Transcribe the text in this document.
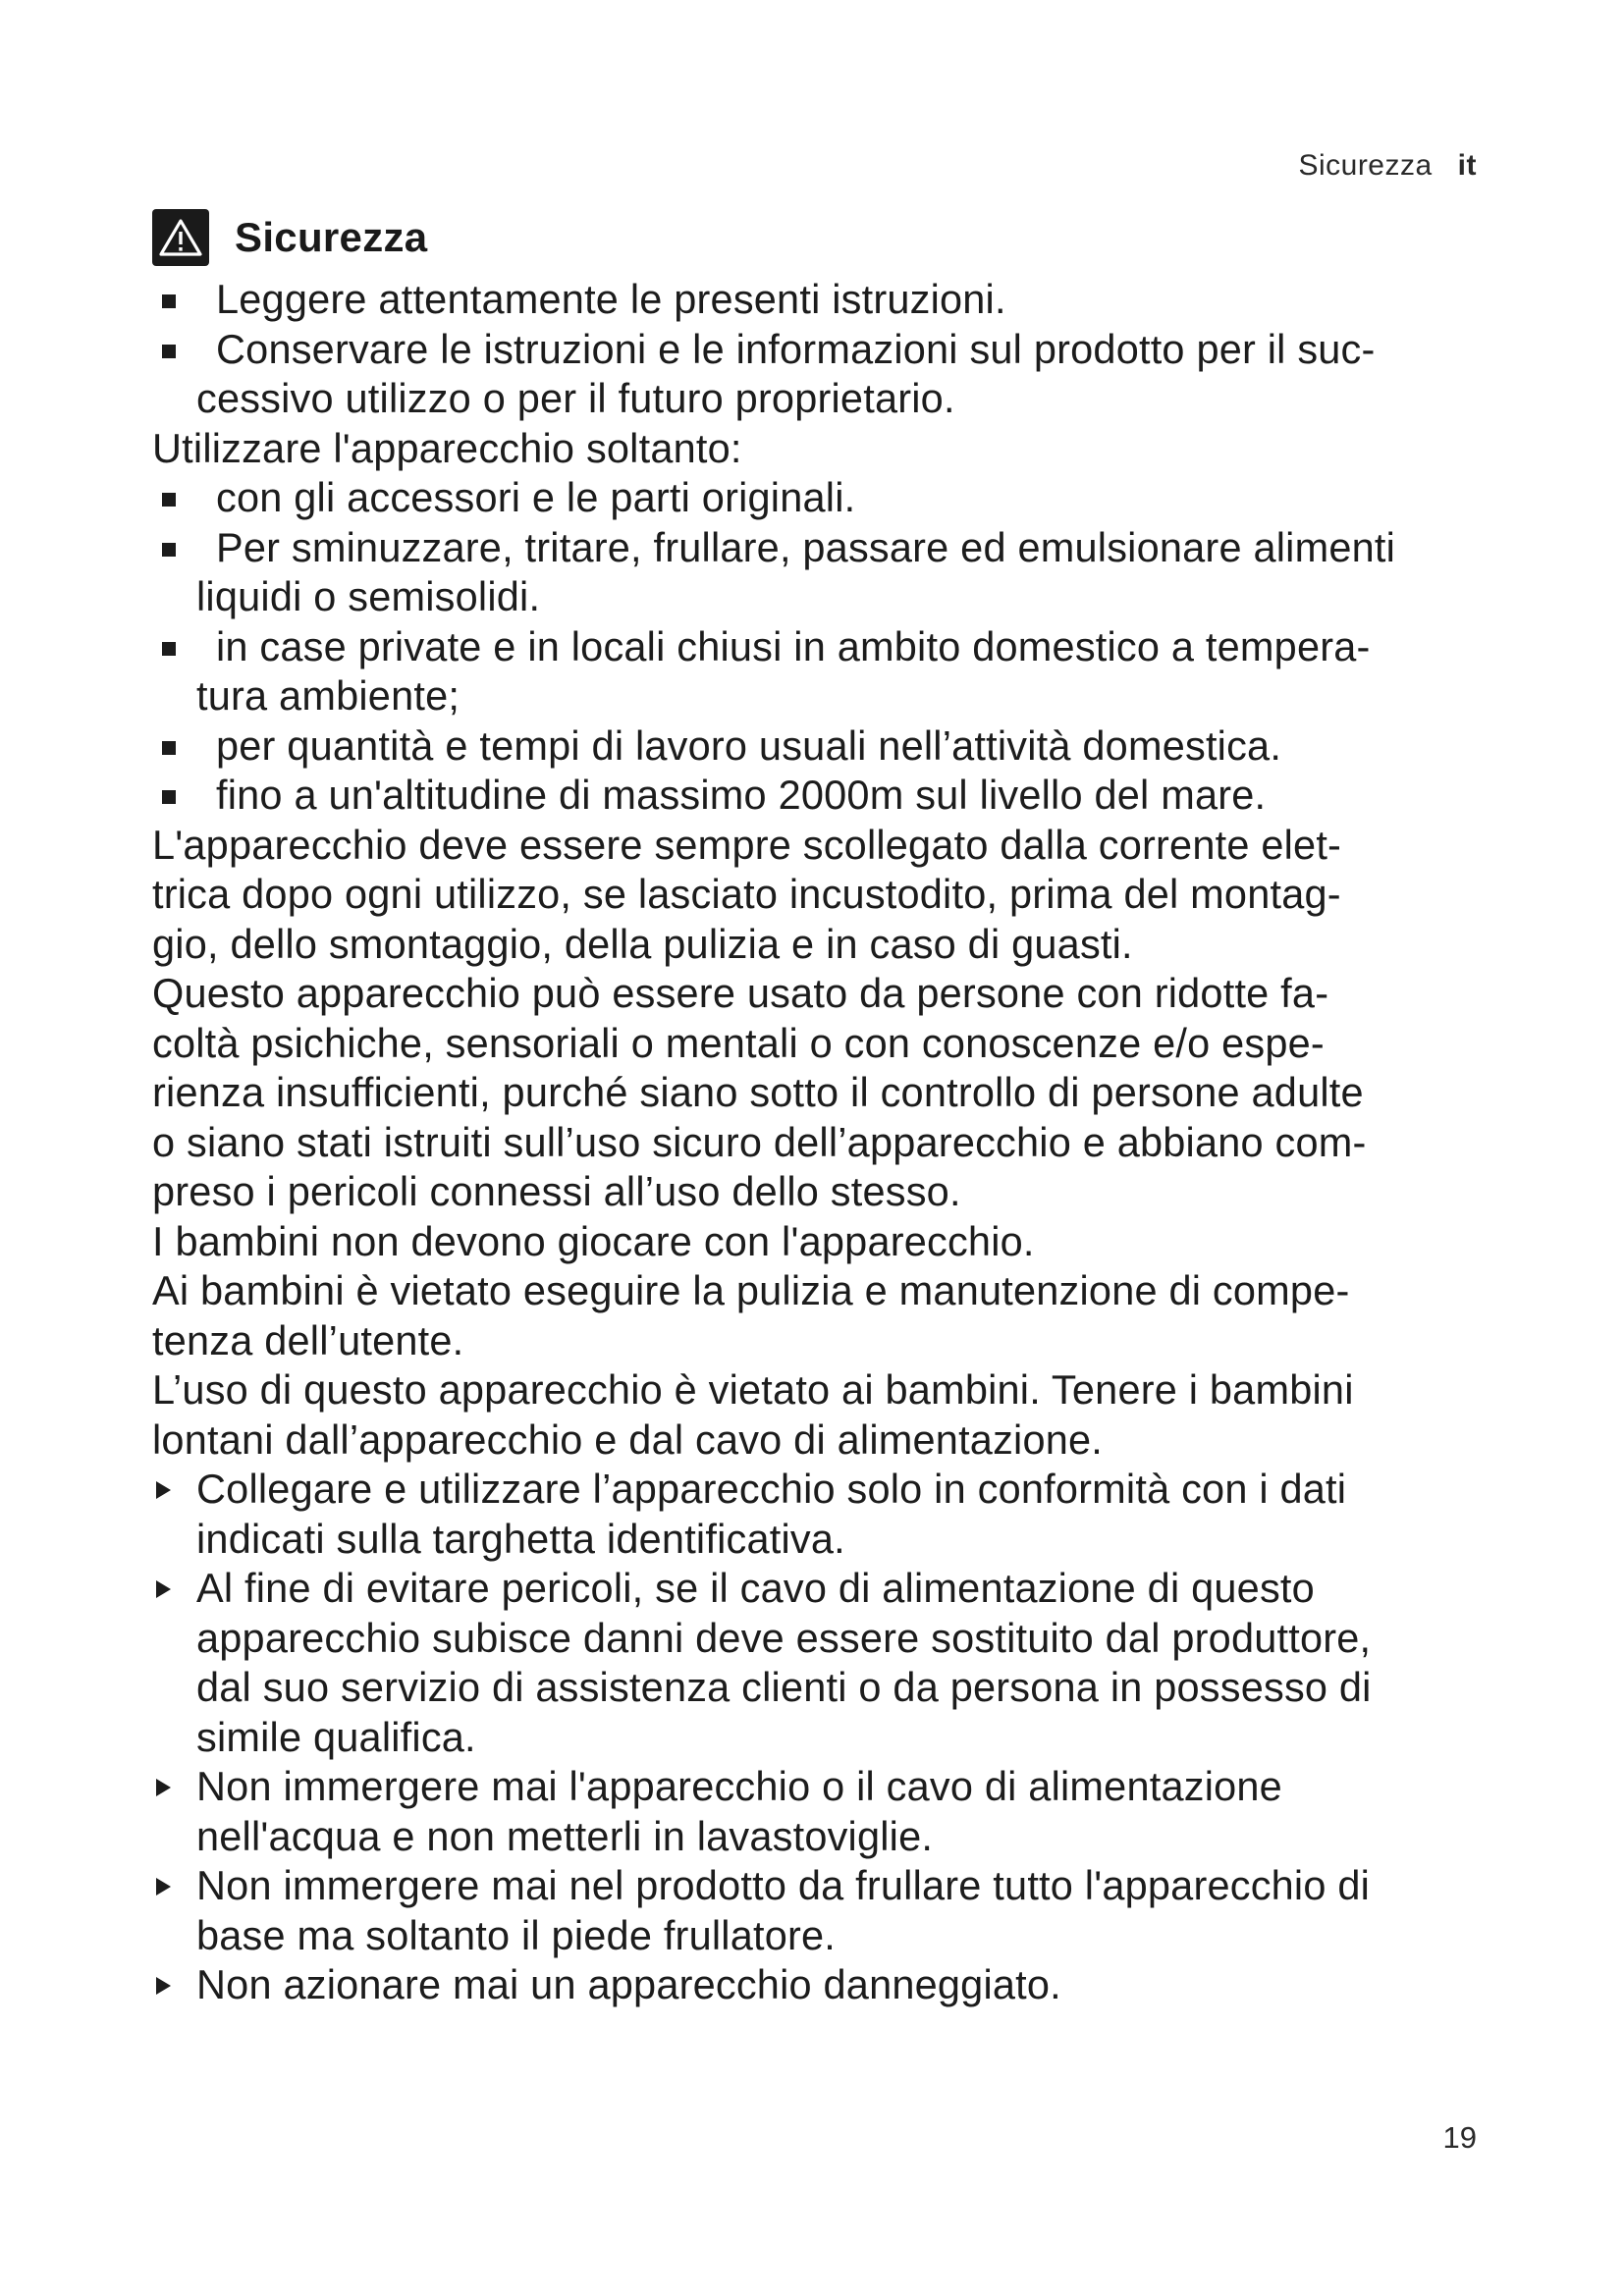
Sicurezza it
Sicurezza
Leggere attentamente le presenti istruzioni.
Conservare le istruzioni e le informazioni sul prodotto per il suc-
cessivo utilizzo o per il futuro proprietario.

Utilizzare l'apparecchio soltanto:

con gli accessori e le parti originali.
Per sminuzzare, tritare, frullare, passare ed emulsionare alimenti
liquidi o semisolidi.
in case private e in locali chiusi in ambito domestico a tempera-
tura ambiente;
per quantità e tempi di lavoro usuali nell’attività domestica.
fino a un'altitudine di massimo 2000m sul livello del mare.

L'apparecchio deve essere sempre scollegato dalla corrente elet-
trica dopo ogni utilizzo, se lasciato incustodito, prima del montag-
gio, dello smontaggio, della pulizia e in caso di guasti.

Questo apparecchio può essere usato da persone con ridotte fa-
coltà psichiche, sensoriali o mentali o con conoscenze e/o espe-
rienza insufficienti, purché siano sotto il controllo di persone adulte
o siano stati istruiti sull’uso sicuro dell’apparecchio e abbiano com-
preso i pericoli connessi all’uso dello stesso.

I bambini non devono giocare con l'apparecchio.

Ai bambini è vietato eseguire la pulizia e manutenzione di compe-
tenza dell’utente.

L’uso di questo apparecchio è vietato ai bambini. Tenere i bambini
lontani dall’apparecchio e dal cavo di alimentazione.

Collegare e utilizzare l’apparecchio solo in conformità con i dati
indicati sulla targhetta identificativa.
Al fine di evitare pericoli, se il cavo di alimentazione di questo
apparecchio subisce danni deve essere sostituito dal produttore,
dal suo servizio di assistenza clienti o da persona in possesso di
simile qualifica.
Non immergere mai l'apparecchio o il cavo di alimentazione
nell'acqua e non metterli in lavastoviglie.
Non immergere mai nel prodotto da frullare tutto l'apparecchio di
base ma soltanto il piede frullatore.
Non azionare mai un apparecchio danneggiato.
19
